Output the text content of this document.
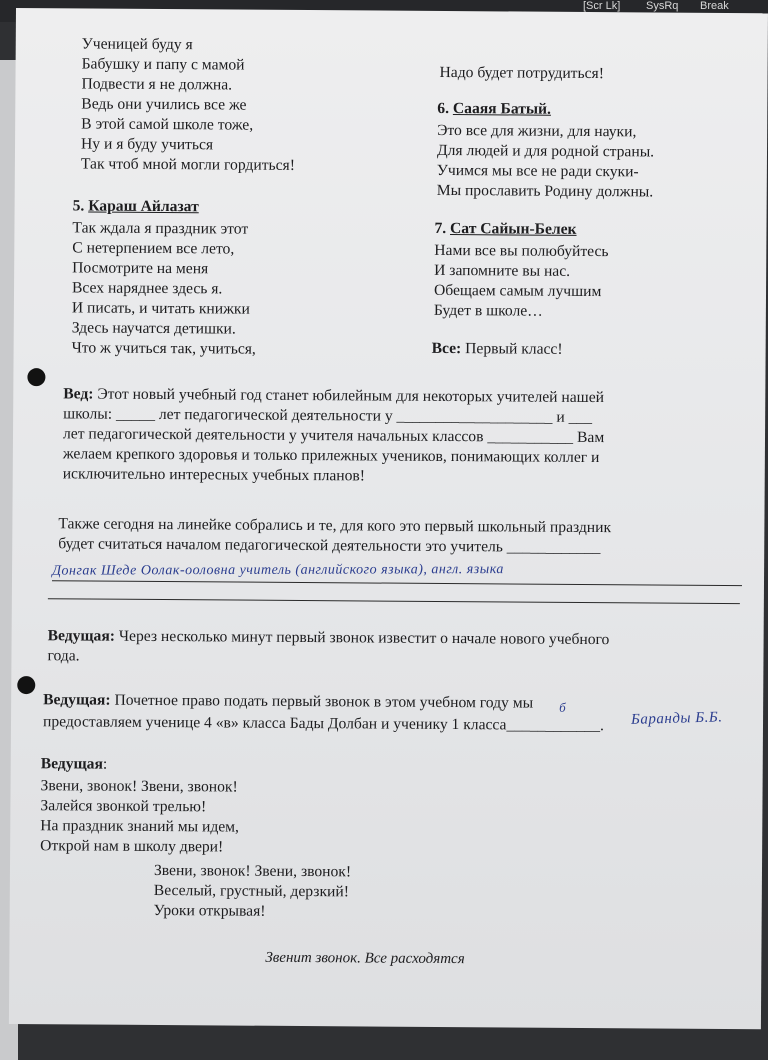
[Scr Lk] SysRq Break
Ученицей буду я
Бабушку и папу с мамой
Подвести я не должна.
Ведь они учились все же
В этой самой школе тоже,
Ну и я буду учиться
Так чтоб мной могли гордиться!
5. Караш Айлазат
Так ждала я праздник этот
С нетерпением все лето,
Посмотрите на меня
Всех наряднее здесь я.
И писать, и читать книжки
Здесь научатся детишки.
Что ж учиться так, учиться,
Надо будет потрудиться!
6. Сааяя Батый.
Это все для жизни, для науки,
Для людей и для родной страны.
Учимся мы все не ради скуки-
Мы прославить Родину должны.
7. Сат Сайын-Белек
Нами все вы полюбуйтесь
И запомните вы нас.
Обещаем самым лучшим
Будет в школе…
Все: Первый класс!
Вед: Этот новый учебный год станет юбилейным для некоторых учителей нашей
школы: _____ лет педагогической деятельности у ____________________ и ___
лет педагогической деятельности у учителя начальных классов ___________ Вам
желаем крепкого здоровья и только прилежных учеников, понимающих коллег и
исключительно интересных учебных планов!
Также сегодня на линейке собрались и те, для кого это первый школьный праздник
будет считаться началом педагогической деятельности это учитель ____________
Донгак Шеде Оолак-ооловна учитель (английского языка), англ. языка
Ведущая: Через несколько минут первый звонок известит о начале нового учебного
года.
Ведущая: Почетное право подать первый звонок в этом учебном году мы
предоставляем ученице 4 «в» класса Бады Долбан и ученику 1 класса____________.
б
Баранды Б.Б.
Ведущая:
Звени, звонок! Звени, звонок!
Залейся звонкой трелью!
На праздник знаний мы идем,
Открой нам в школу двери!
Звени, звонок! Звени, звонок!
Веселый, грустный, дерзкий!
Уроки открывая!
Звенит звонок. Все расходятся
